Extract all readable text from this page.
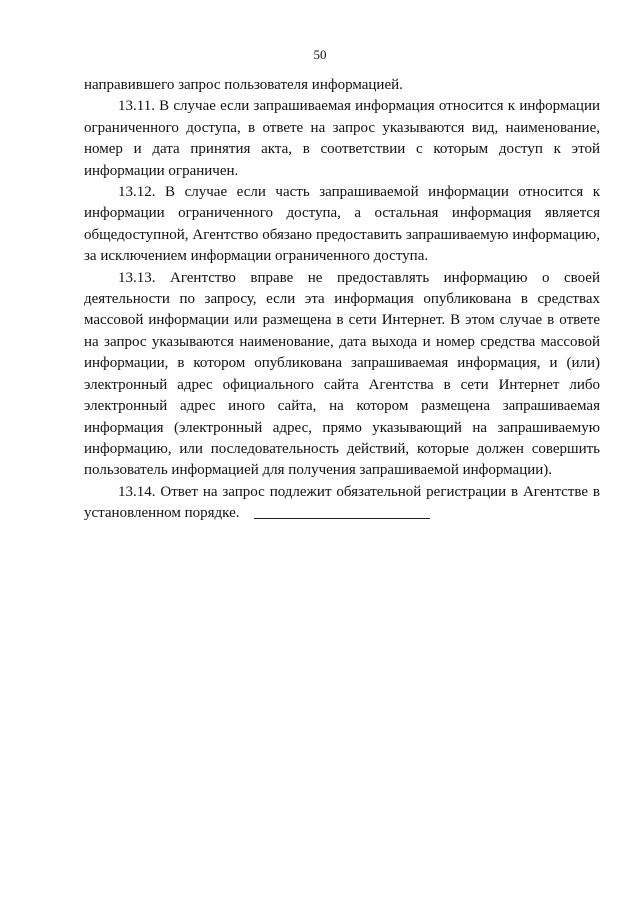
50

направившего запрос пользователя информацией.

13.11. В случае если запрашиваемая информация относится к информации ограниченного доступа, в ответе на запрос указываются вид, наименование, номер и дата принятия акта, в соответствии с которым доступ к этой информации ограничен.

13.12. В случае если часть запрашиваемой информации относится к информации ограниченного доступа, а остальная информация является общедоступной, Агентство обязано предоставить запрашиваемую информацию, за исключением информации ограниченного доступа.

13.13. Агентство вправе не предоставлять информацию о своей деятельности по запросу, если эта информация опубликована в средствах массовой информации или размещена в сети Интернет. В этом случае в ответе на запрос указываются наименование, дата выхода и номер средства массовой информации, в котором опубликована запрашиваемая информация, и (или) электронный адрес официального сайта Агентства в сети Интернет либо электронный адрес иного сайта, на котором размещена запрашиваемая информация (электронный адрес, прямо указывающий на запрашиваемую информацию, или последовательность действий, которые должен совершить пользователь информацией для получения запрашиваемой информации).

13.14. Ответ на запрос подлежит обязательной регистрации в Агентстве в установленном порядке.
